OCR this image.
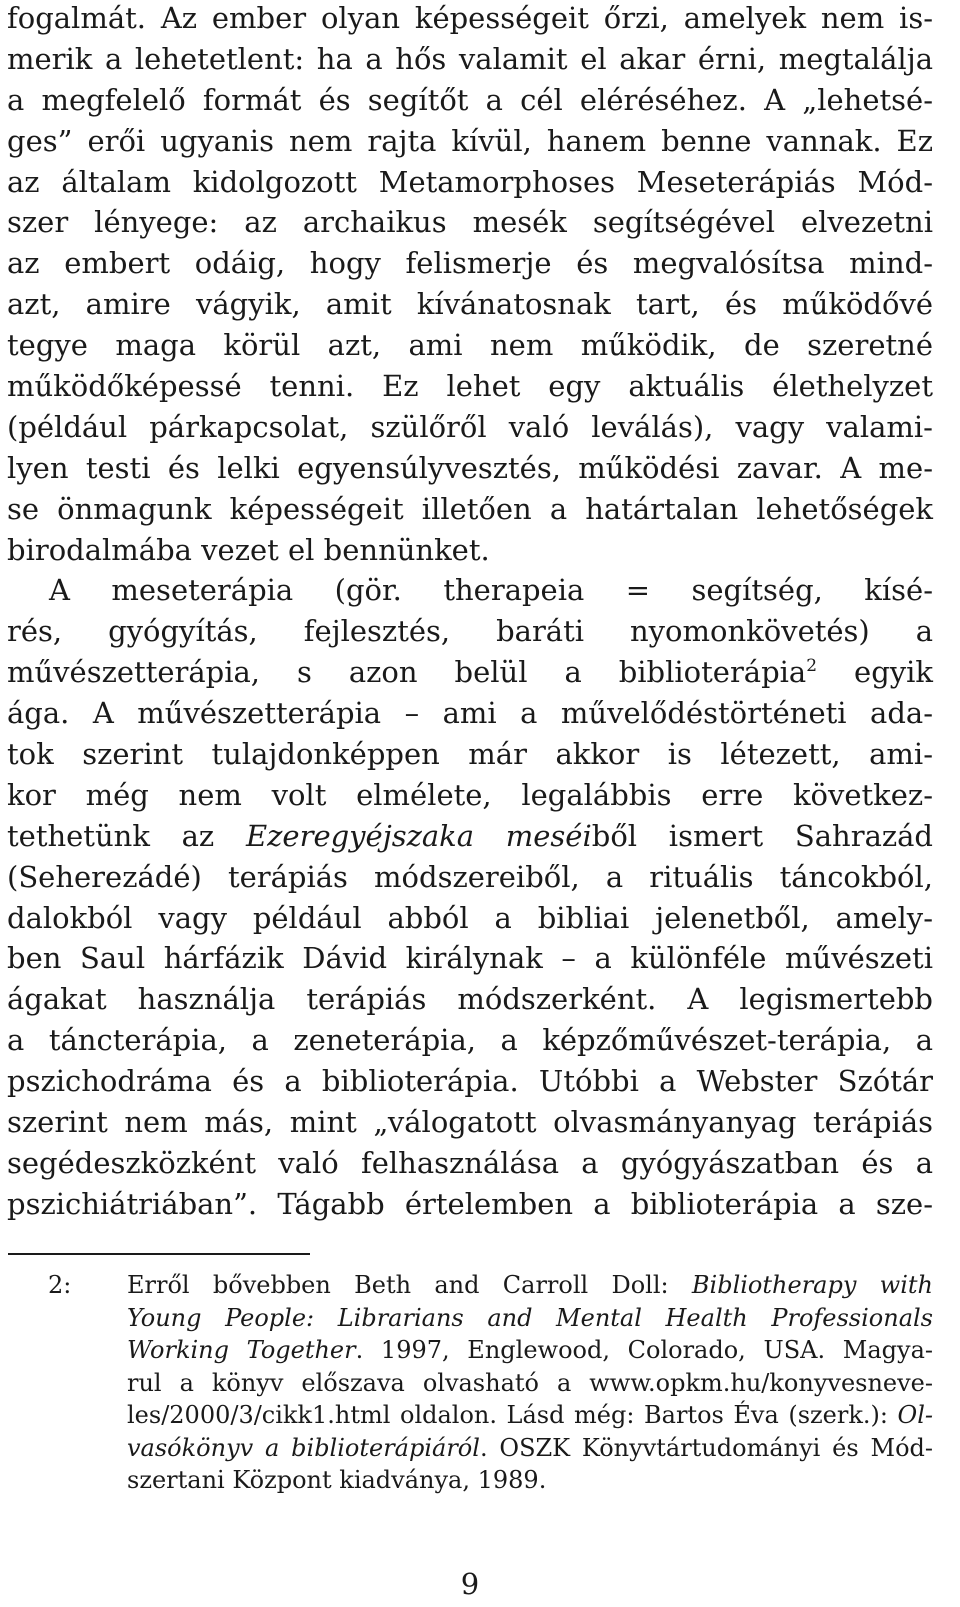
fogalmát. Az ember olyan képességeit őrzi, amelyek nem is-
merik a lehetetlent: ha a hős valamit el akar érni, megtalálja
a megfelelő formát és segítőt a cél eléréséhez. A „lehetsé-
ges” erői ugyanis nem rajta kívül, hanem benne vannak. Ez
az általam kidolgozott Metamorphoses Meseterápiás Mód-
szer lényege: az archaikus mesék segítségével elvezetni
az embert odáig, hogy felismerje és megvalósítsa mind-
azt, amire vágyik, amit kívánatosnak tart, és működővé
tegye maga körül azt, ami nem működik, de szeretné
működőképessé tenni. Ez lehet egy aktuális élethelyzet
(például párkapcsolat, szülőről való leválás), vagy valami-
lyen testi és lelki egyensúlyvesztés, működési zavar. A me-
se önmagunk képességeit illetően a határtalan lehetőségek
birodalmába vezet el bennünket.
A meseterápia (gör. therapeia = segítség, kísé-
rés, gyógyítás, fejlesztés, baráti nyomonkövetés) a
művészetterápia, s azon belül a biblioterápia$^2$ egyik
ága. A művészetterápia – ami a művelődéstörténeti ada-
tok szerint tulajdonképpen már akkor is létezett, ami-
kor még nem volt elmélete, legalábbis erre következ-
tethetünk az Ezeregyéjszaka meséiből ismert Sahrazád
(Seherezádé) terápiás módszereiből, a rituális táncokból,
dalokból vagy például abból a bibliai jelenetből, amely-
ben Saul hárfázik Dávid királynak – a különféle művészeti
ágakat használja terápiás módszerként. A legismertebb
a táncterápia, a zeneterápia, a képzőművészet-terápia, a
pszichodráma és a biblioterápia. Utóbbi a Webster Szótár
szerint nem más, mint „válogatott olvasmányanyag terápiás
segédeszközként való felhasználása a gyógyászatban és a
pszichiátriában”. Tágabb értelemben a biblioterápia a sze-
2: Erről bővebben Beth and Carroll Doll: Bibliotherapy with
Young People: Librarians and Mental Health Professionals
Working Together. 1997, Englewood, Colorado, USA. Magya-
rul a könyv előszava olvasható a www.opkm.hu/konyvesneve-
les/2000/3/cikk1.html oldalon. Lásd még: Bartos Éva (szerk.): Ol-
vasókönyv a biblioterápiáról. OSZK Könyvtártudományi és Mód-
szertani Központ kiadványa, 1989.
9
